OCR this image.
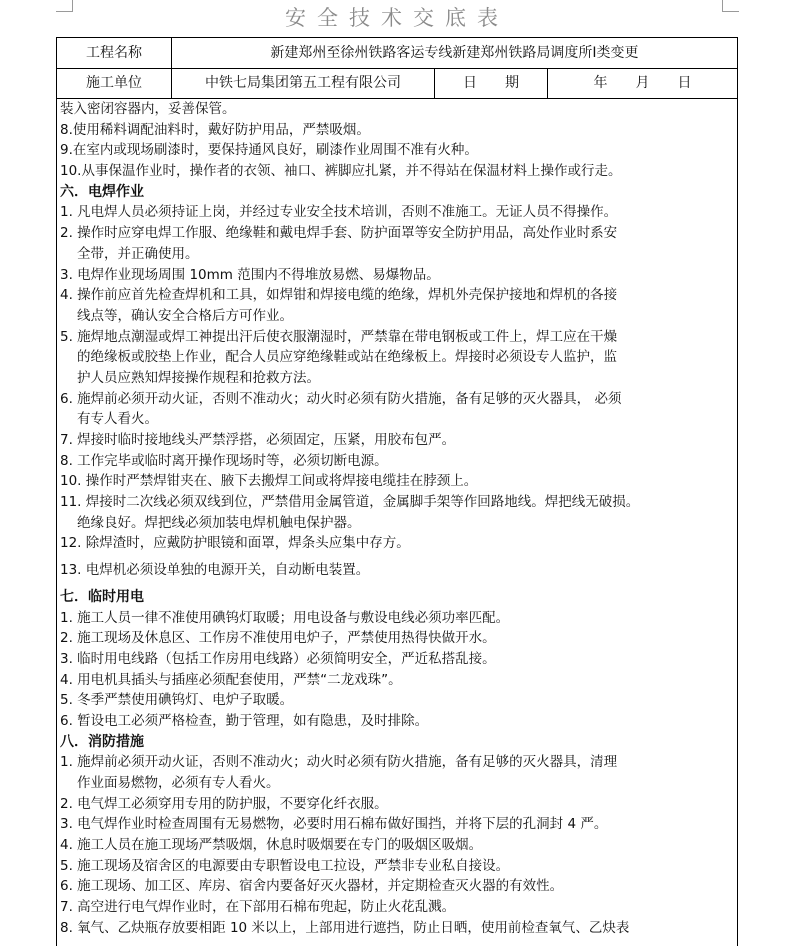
安全技术交底表
工程名称	新建郑州至徐州铁路客运专线新建郑州铁路局调度所Ⅰ类变更
施工单位	中铁七局集团第五工程有限公司	日　　期	年　　月　　日
装入密闭容器内，妥善保管。
8.使用稀料调配油料时，戴好防护用品，严禁吸烟。
9.在室内或现场刷漆时，要保持通风良好，刷漆作业周围不准有火种。
10.从事保温作业时，操作者的衣领、袖口、裤脚应扎紧，并不得站在保温材料上操作或行走。
六．电焊作业
1. 凡电焊人员必须持证上岗，并经过专业安全技术培训，否则不准施工。无证人员不得操作。
2. 操作时应穿电焊工作服、绝缘鞋和戴电焊手套、防护面罩等安全防护用品，高处作业时系安
全带，并正确使用。
3. 电焊作业现场周围 10mm 范围内不得堆放易燃、易爆物品。
4. 操作前应首先检查焊机和工具，如焊钳和焊接电缆的绝缘，焊机外壳保护接地和焊机的各接
线点等，确认安全合格后方可作业。
5. 施焊地点潮湿或焊工神提出汗后使衣服潮湿时，严禁靠在带电钢板或工件上，焊工应在干燥
的绝缘板或胶垫上作业，配合人员应穿绝缘鞋或站在绝缘板上。焊接时必须设专人监护，监
护人员应熟知焊接操作规程和抢救方法。
6. 施焊前必须开动火证，否则不准动火；动火时必须有防火措施，备有足够的灭火器具， 必须
有专人看火。
7. 焊接时临时接地线头严禁浮搭，必须固定，压紧，用胶布包严。
8. 工作完毕或临时离开操作现场时等，必须切断电源。
10. 操作时严禁焊钳夹在、腋下去搬焊工间或将焊接电缆挂在脖颈上。
11. 焊接时二次线必须双线到位，严禁借用金属管道，金属脚手架等作回路地线。焊把线无破损。
绝缘良好。焊把线必须加装电焊机触电保护器。
12. 除焊渣时，应戴防护眼镜和面罩，焊条头应集中存方。
13. 电焊机必须设单独的电源开关，自动断电装置。
七．临时用电
1. 施工人员一律不准使用碘钨灯取暖；用电设备与敷设电线必须功率匹配。
2. 施工现场及休息区、工作房不准使用电炉子，严禁使用热得快做开水。
3. 临时用电线路（包括工作房用电线路）必须简明安全，严近私搭乱接。
4. 用电机具插头与插座必须配套使用，严禁“二龙戏珠”。
5. 冬季严禁使用碘钨灯、电炉子取暖。
6. 暂设电工必须严格检查，勤于管理，如有隐患，及时排除。
八．消防措施
1. 施焊前必须开动火证，否则不准动火；动火时必须有防火措施，备有足够的灭火器具，清理
作业面易燃物，必须有专人看火。
2. 电气焊工必须穿用专用的防护服，不要穿化纤衣服。
3. 电气焊作业时检查周围有无易燃物，必要时用石棉布做好围挡，并将下层的孔洞封 4 严。
4. 施工人员在施工现场严禁吸烟，休息时吸烟要在专门的吸烟区吸烟。
5. 施工现场及宿舍区的电源要由专职暂设电工拉设，严禁非专业私自接设。
6. 施工现场、加工区、库房、宿舍内要备好灭火器材，并定期检查灭火器的有效性。
7. 高空进行电气焊作业时，在下部用石棉布兜起，防止火花乱溅。
8. 氧气、乙炔瓶存放要相距 10 米以上，上部用进行遮挡，防止日晒，使用前检查氧气、乙炔表
